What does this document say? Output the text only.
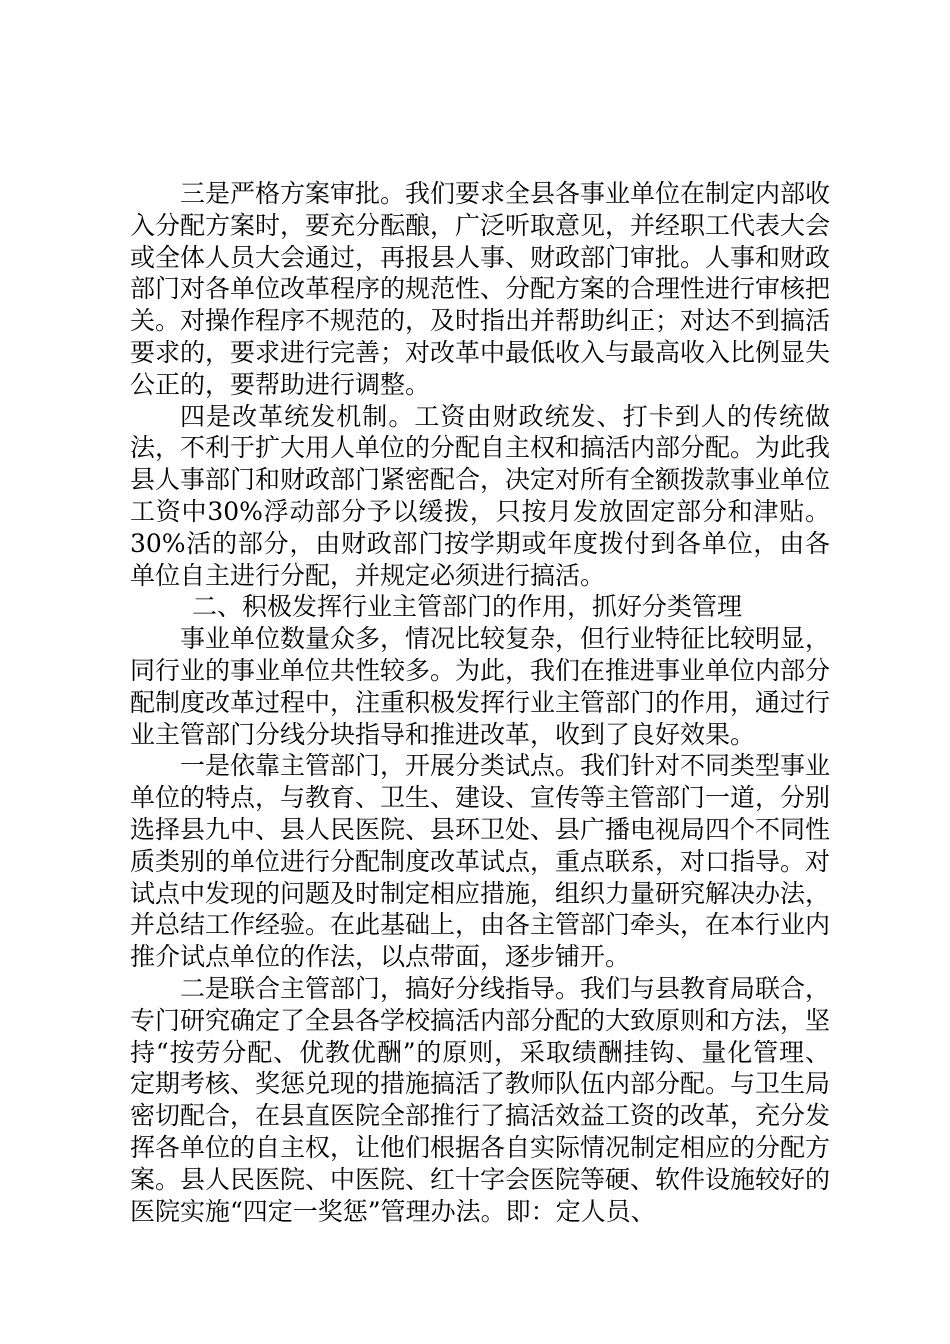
三是严格方案审批。我们要求全县各事业单位在制定内部收入分配方案时，要充分酝酿，广泛听取意见，并经职工代表大会或全体人员大会通过，再报县人事、财政部门审批。人事和财政部门对各单位改革程序的规范性、分配方案的合理性进行审核把关。对操作程序不规范的，及时指出并帮助纠正；对达不到搞活要求的，要求进行完善；对改革中最低收入与最高收入比例显失公正的，要帮助进行调整。

四是改革统发机制。工资由财政统发、打卡到人的传统做法，不利于扩大用人单位的分配自主权和搞活内部分配。为此我县人事部门和财政部门紧密配合，决定对所有全额拨款事业单位工资中30%浮动部分予以缓拨，只按月发放固定部分和津贴。30%活的部分，由财政部门按学期或年度拨付到各单位，由各单位自主进行分配，并规定必须进行搞活。

二、积极发挥行业主管部门的作用，抓好分类管理

事业单位数量众多，情况比较复杂，但行业特征比较明显，同行业的事业单位共性较多。为此，我们在推进事业单位内部分配制度改革过程中，注重积极发挥行业主管部门的作用，通过行业主管部门分线分块指导和推进改革，收到了良好效果。

一是依靠主管部门，开展分类试点。我们针对不同类型事业单位的特点，与教育、卫生、建设、宣传等主管部门一道，分别选择县九中、县人民医院、县环卫处、县广播电视局四个不同性质类别的单位进行分配制度改革试点，重点联系，对口指导。对试点中发现的问题及时制定相应措施，组织力量研究解决办法，并总结工作经验。在此基础上，由各主管部门牵头，在本行业内推介试点单位的作法，以点带面，逐步铺开。

二是联合主管部门，搞好分线指导。我们与县教育局联合，专门研究确定了全县各学校搞活内部分配的大致原则和方法，坚持“按劳分配、优教优酬”的原则，采取绩酬挂钩、量化管理、定期考核、奖惩兑现的措施搞活了教师队伍内部分配。与卫生局密切配合，在县直医院全部推行了搞活效益工资的改革，充分发挥各单位的自主权，让他们根据各自实际情况制定相应的分配方案。县人民医院、中医院、红十字会医院等硬、软件设施较好的医院实施“四定一奖惩”管理办法。即：定人员、
